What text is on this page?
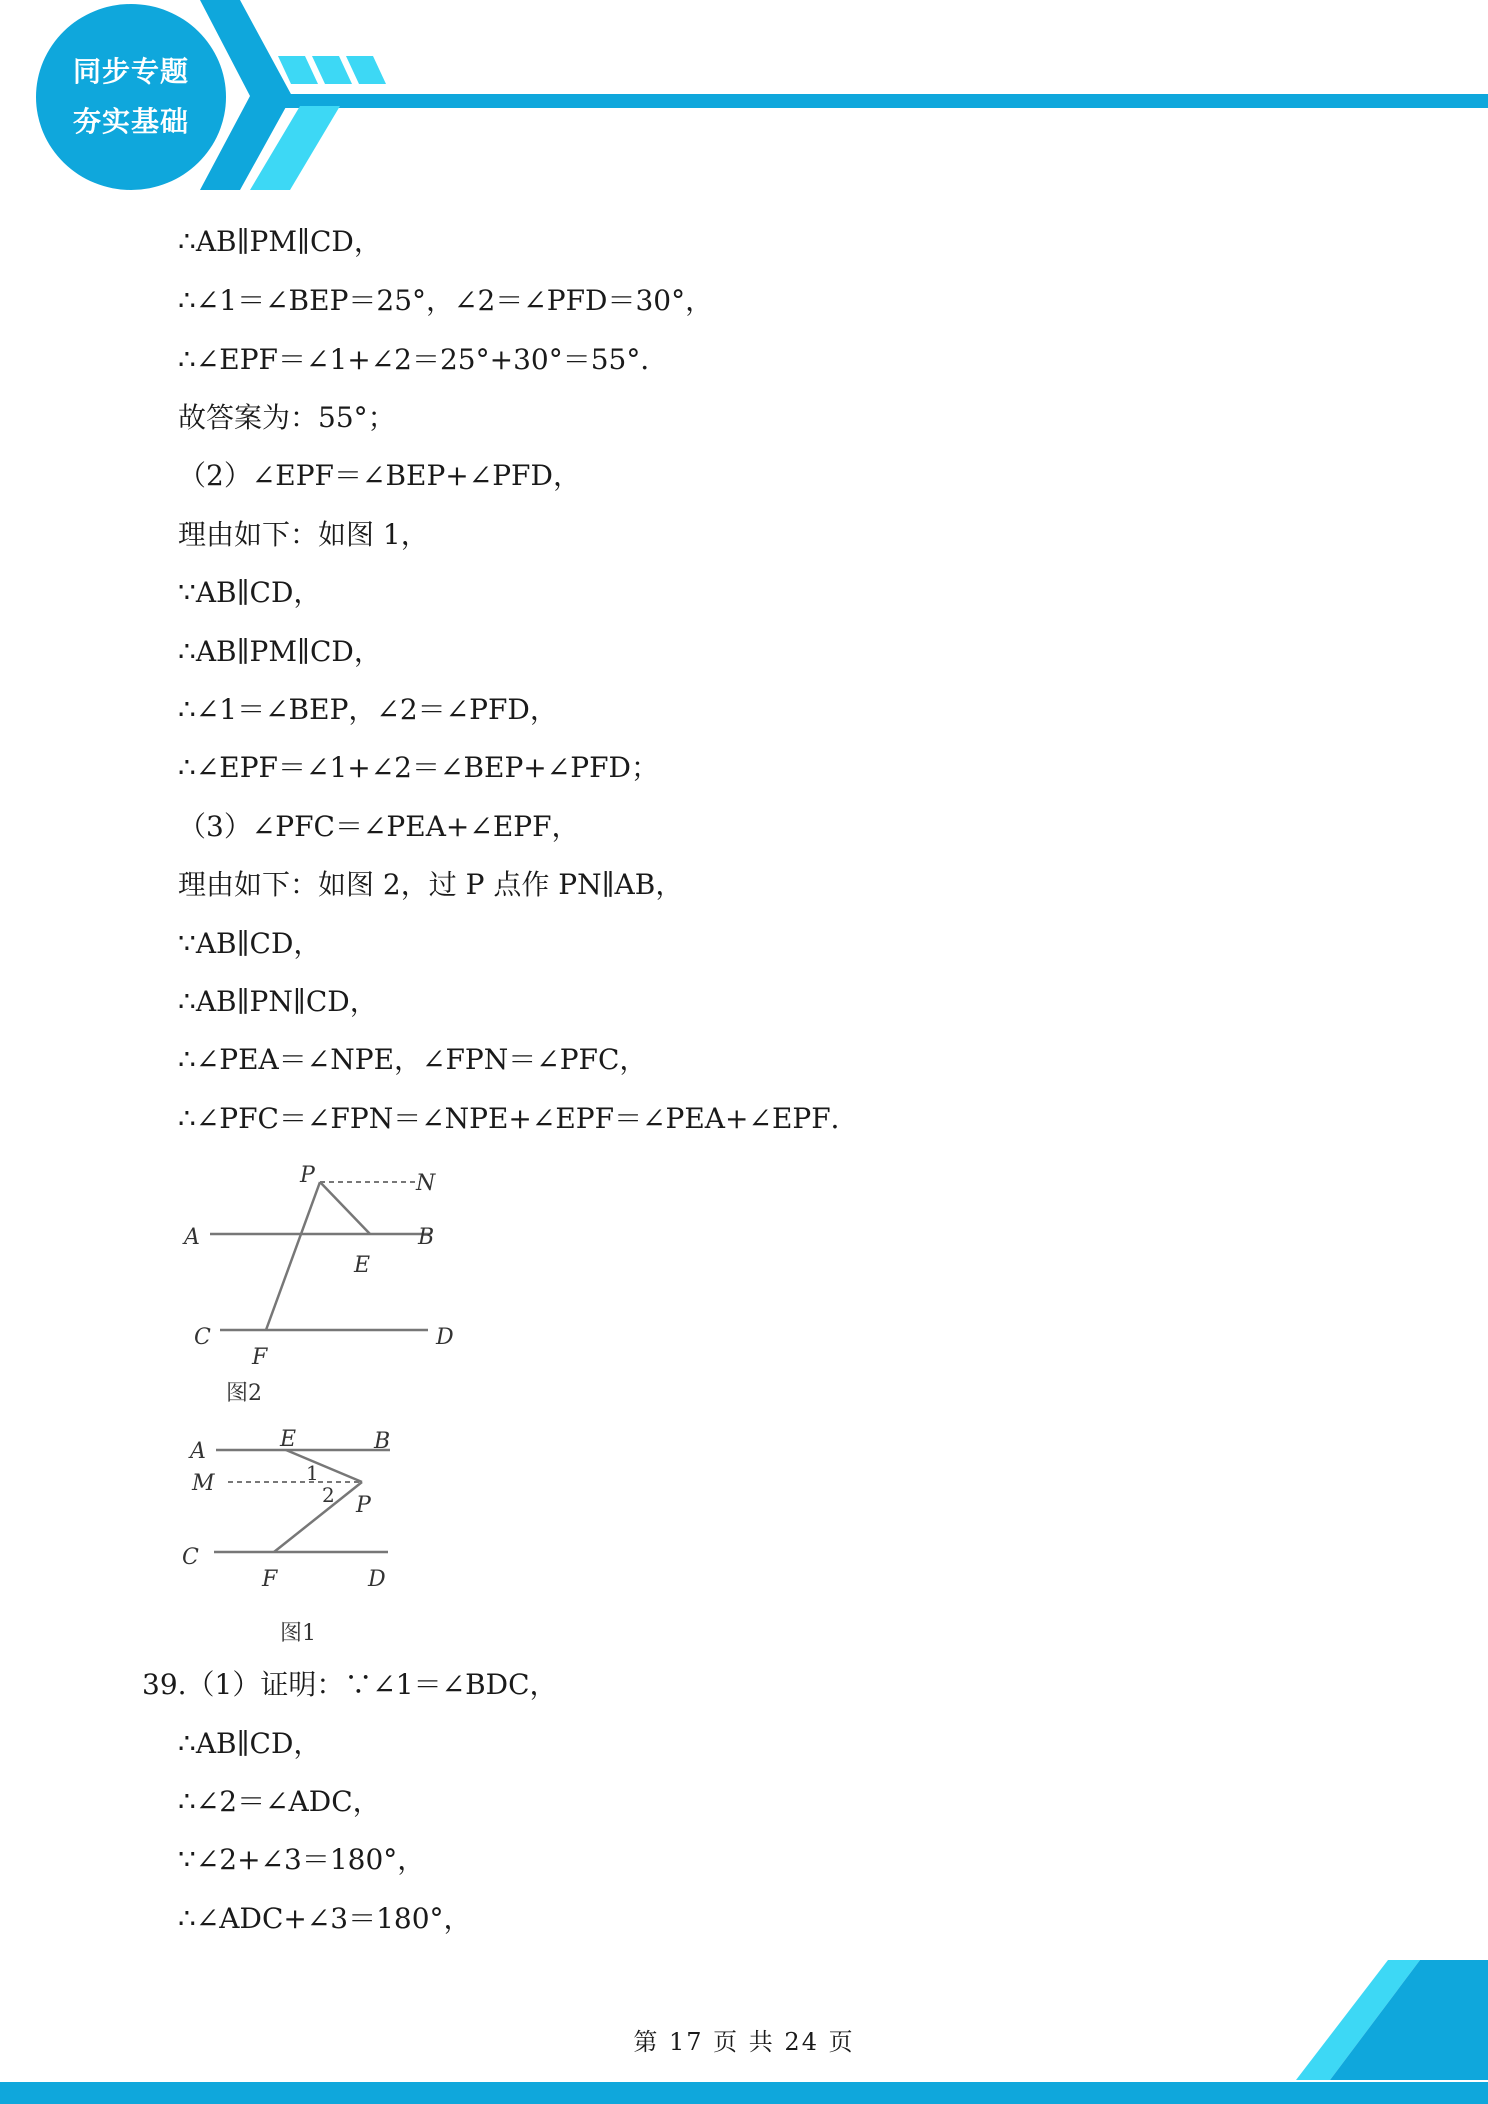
同步专题
夯实基础
∴AB∥PM∥CD，
∴∠1＝∠BEP＝25°，∠2＝∠PFD＝30°，
∴∠EPF＝∠1+∠2＝25°+30°＝55°．
故答案为：55°；
（2）∠EPF＝∠BEP+∠PFD，
理由如下：如图 1，
∵AB∥CD，
∴AB∥PM∥CD，
∴∠1＝∠BEP，∠2＝∠PFD，
∴∠EPF＝∠1+∠2＝∠BEP+∠PFD；
（3）∠PFC＝∠PEA+∠EPF，
理由如下：如图 2，过 P 点作 PN∥AB，
∵AB∥CD，
∴AB∥PN∥CD，
∴∠PEA＝∠NPE，∠FPN＝∠PFC，
∴∠PFC＝∠FPN＝∠NPE+∠EPF＝∠PEA+∠EPF．
P	N
A	B
E
C	D
F
图2
A	E	B
M	1
2 P
C
F	D
图1
39.（1）证明：∵∠1＝∠BDC，
∴AB∥CD，
∴∠2＝∠ADC，
∵∠2+∠3＝180°，
∴∠ADC+∠3＝180°，
第 17 页 共 24 页
